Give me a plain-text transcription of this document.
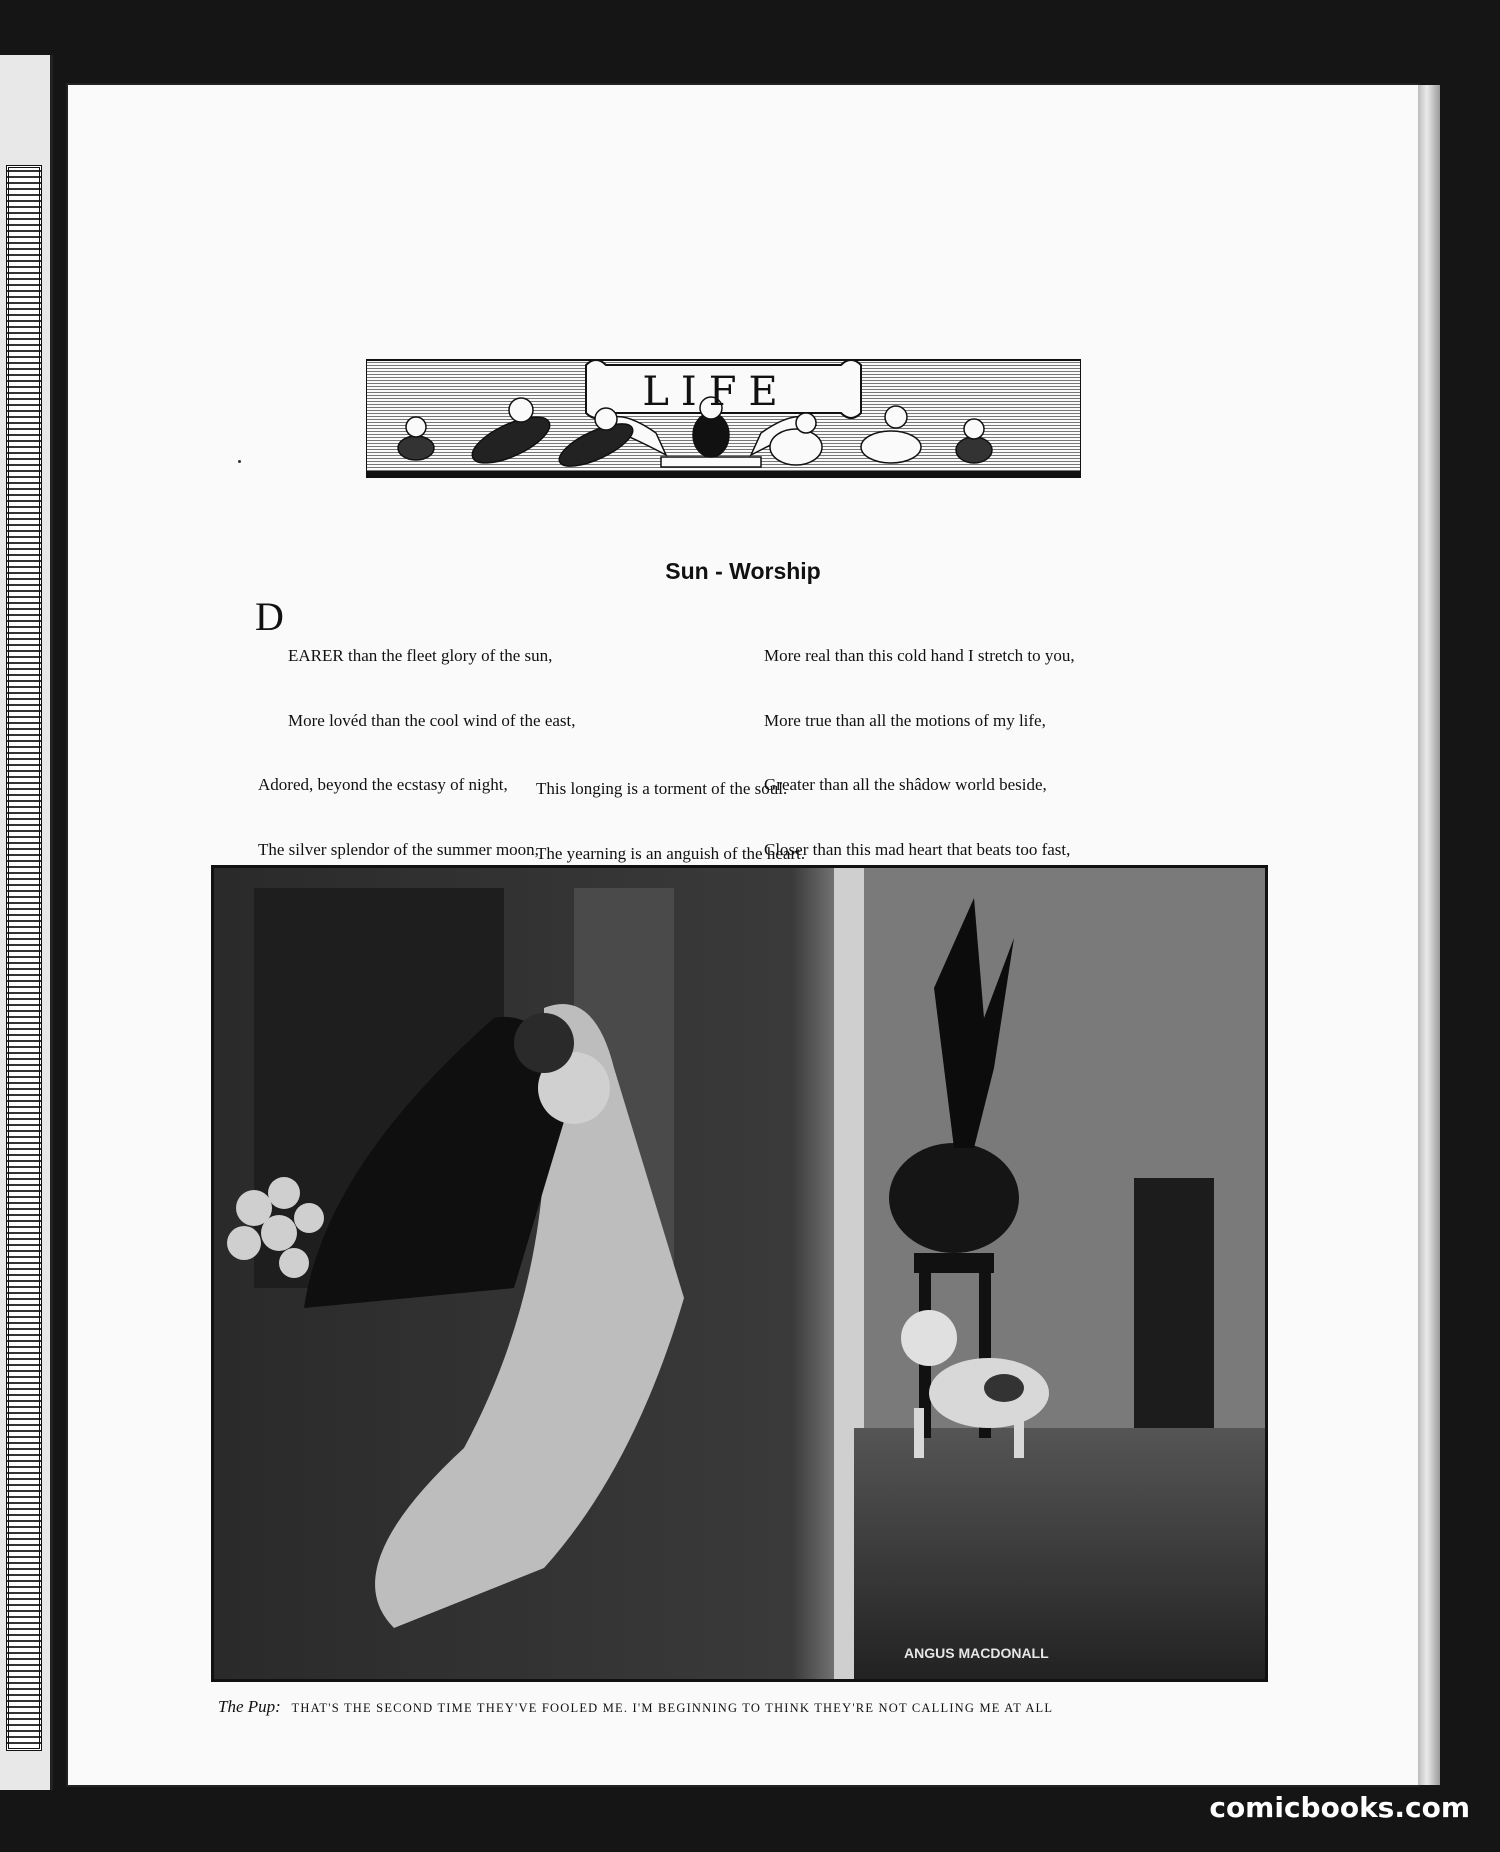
LIFE
Sun - Worship
D

EARER than the fleet glory of the sun,

More lovéd than the cool wind of the east,

Adored, beyond the ecstasy of night,

The silver splendor of the summer moon,

More real than this cold hand I stretch to you,

More true than all the motions of my life,

Greater than all the shâdow world beside,

Closer than this mad heart that beats too fast,

This longing is a torment of the soul.

The yearning is an anguish of the heart.

ANGUS MACDONALL
The Pup: THAT'S THE SECOND TIME THEY'VE FOOLED ME. I'M BEGINNING TO THINK THEY'RE NOT CALLING ME AT ALL
comicbooks.com
